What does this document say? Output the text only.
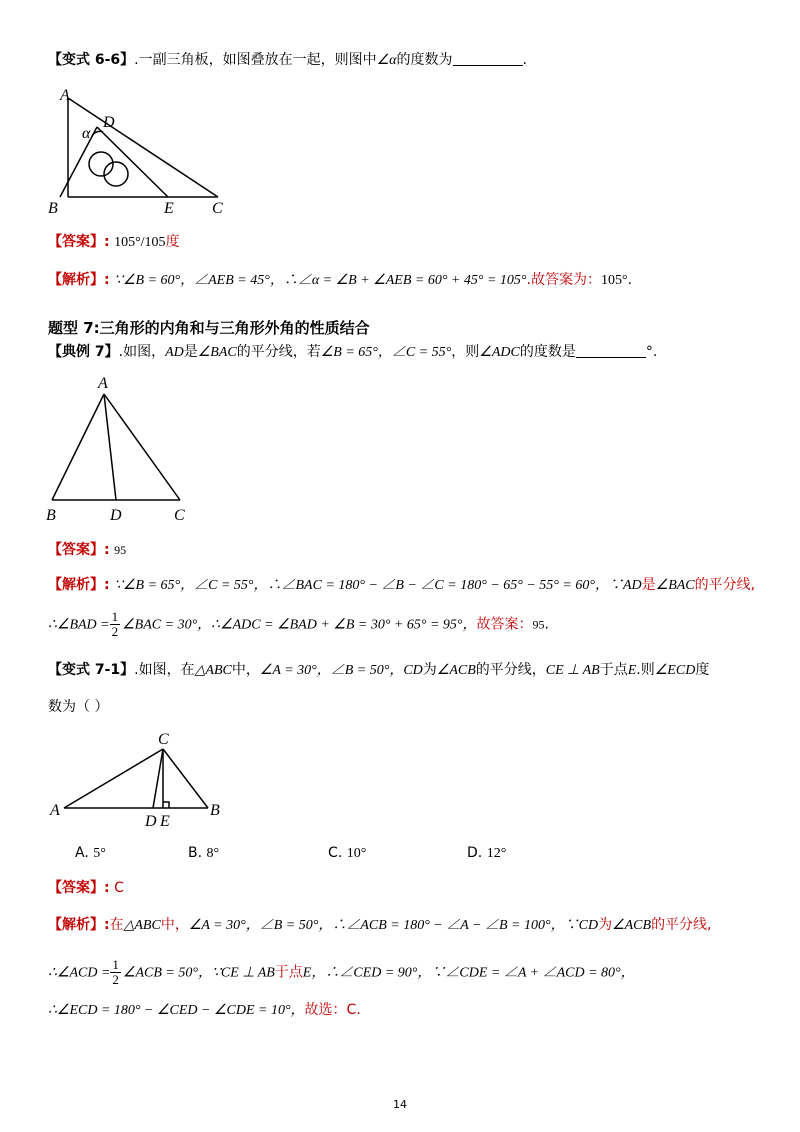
【变式 6-6】.一副三角板，如图叠放在一起，则图中∠α的度数为	.
A
D
α
B	E C
【答案】: 105°/105度
【解析】: ∵∠B = 60°，∠AEB = 45°，∴∠α = ∠B + ∠AEB = 60° + 45° = 105°.故答案为：105°.
题型 7:三角形的内角和与三角形外角的性质结合
【典例 7】.如图，AD是∠BAC的平分线，若∠B = 65°，∠C = 55°，则∠ADC的度数是	°.
A
B	D	C
【答案】: 95
【解析】: ∵∠B = 65°，∠C = 55°，∴∠BAC = 180° − ∠B − ∠C = 180° − 65° − 55° = 60°，∵AD是∠BAC的平分线,
∴∠BAD = $\frac{1}{2}$ ∠BAC = 30°，∴∠ADC = ∠BAD + ∠B = 30° + 65° = 95°，故答案：95.
【变式 7-1】.如图，在△ABC中，∠A = 30°，∠B = 50°，CD为∠ACB的平分线，CE ⊥ AB于点E.则∠ECD度
数为（ ）
C
A	B
D E
A. 5°	B. 8°	C. 10°	D. 12°
【答案】: C
【解析】:在△ABC中，∠A = 30°，∠B = 50°，∴∠ACB = 180° − ∠A − ∠B = 100°，∵CD为∠ACB的平分线,
∴∠ACD = $\frac{1}{2}$ ∠ACB = 50°，∵CE ⊥ AB于点E，∴∠CED = 90°，∵∠CDE = ∠A + ∠ACD = 80°，
∴∠ECD = 180° − ∠CED − ∠CDE = 10°，故选：C.
14
